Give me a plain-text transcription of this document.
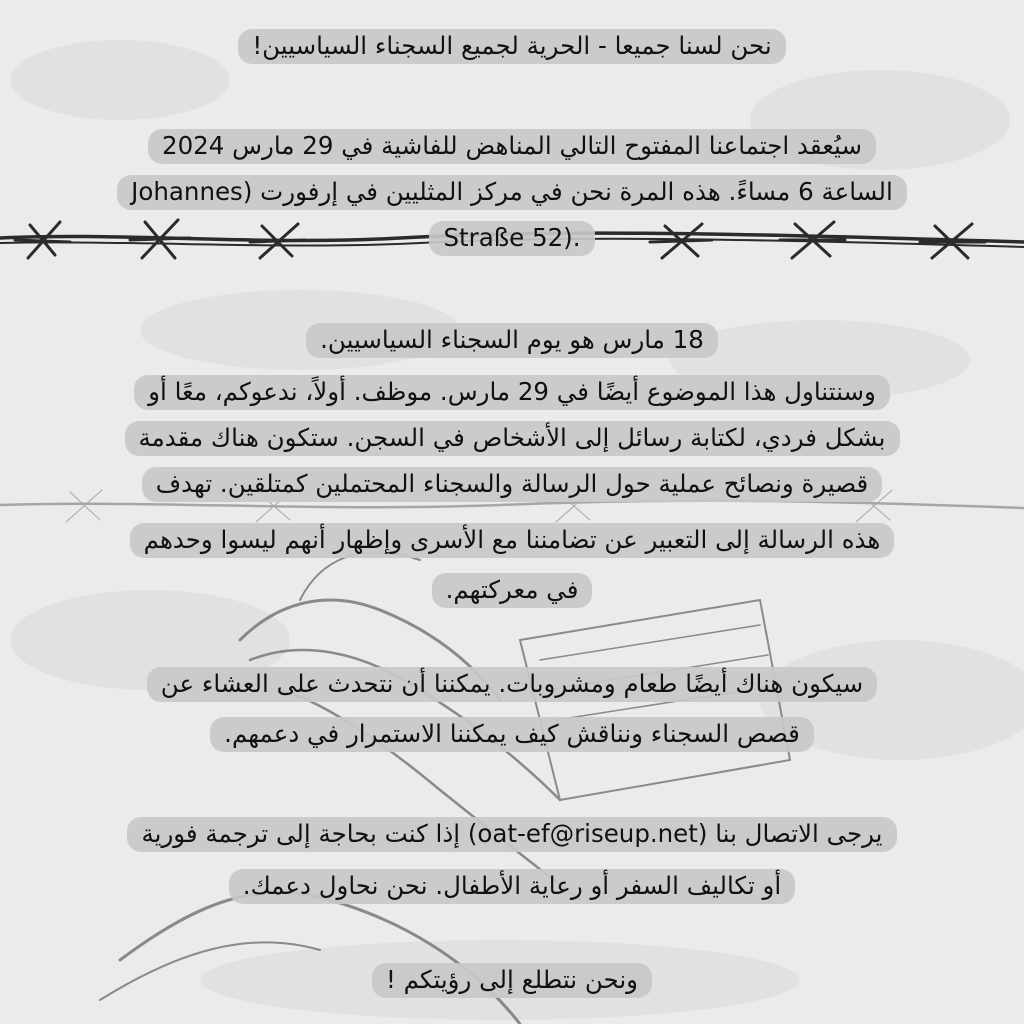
نحن لسنا جميعا - الحرية لجميع السجناء السياسيين!
سيُعقد اجتماعنا المفتوح التالي المناهض للفاشية في 29 مارس 2024
الساعة 6 مساءً. هذه المرة نحن في مركز المثليين في إرفورت (Johannes
Straße 52).
18 مارس هو يوم السجناء السياسيين.
وسنتناول هذا الموضوع أيضًا في 29 مارس. موظف. أولاً، ندعوكم، معًا أو
بشكل فردي، لكتابة رسائل إلى الأشخاص في السجن. ستكون هناك مقدمة
قصيرة ونصائح عملية حول الرسالة والسجناء المحتملين كمتلقين. تهدف
هذه الرسالة إلى التعبير عن تضامننا مع الأسرى وإظهار أنهم ليسوا وحدهم
في معركتهم.
سيكون هناك أيضًا طعام ومشروبات. يمكننا أن نتحدث على العشاء عن
قصص السجناء ونناقش كيف يمكننا الاستمرار في دعمهم.
يرجى الاتصال بنا (oat-ef@riseup.net) إذا كنت بحاجة إلى ترجمة فورية
أو تكاليف السفر أو رعاية الأطفال. نحن نحاول دعمك.
ونحن نتطلع إلى رؤيتكم !
